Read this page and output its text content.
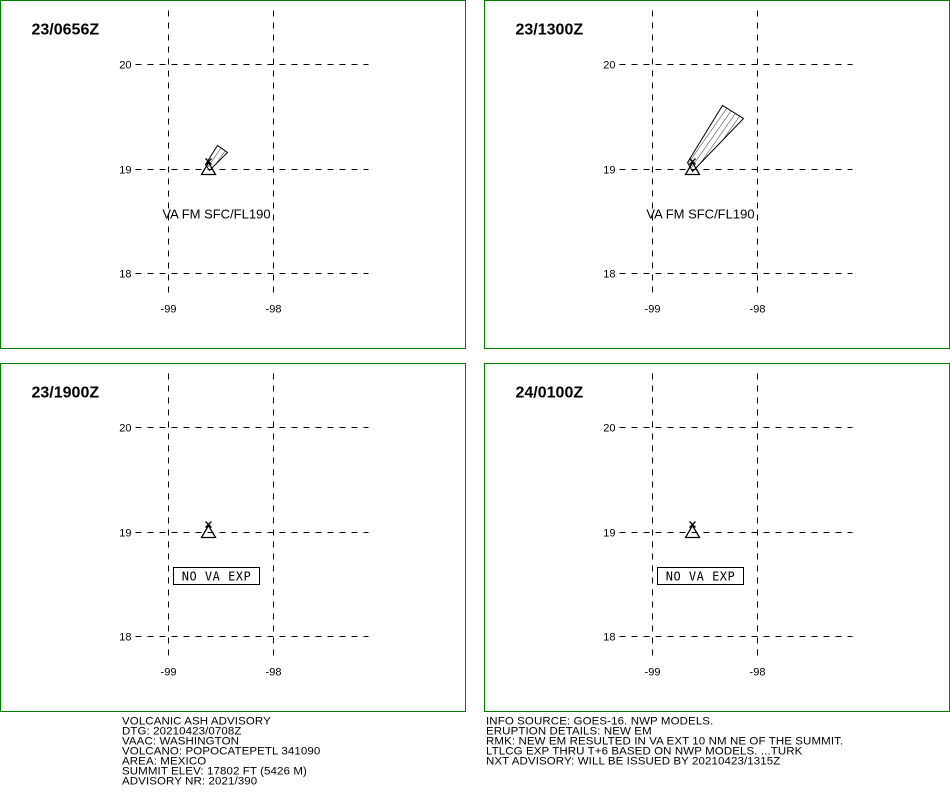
20
19
18
-99	-98
23/0656Z
VA FM SFC/FL190
20
19
18
-99	-98
23/1300Z
VA FM SFC/FL190
20
19
18
-99	-98
23/1900Z
NO VA EXP
20
19
18
-99	-98
24/0100Z
NO VA EXP
VOLCANIC ASH ADVISORY
DTG: 20210423/0708Z
VAAC: WASHINGTON
VOLCANO: POPOCATEPETL 341090
AREA: MEXICO
SUMMIT ELEV: 17802 FT (5426 M)
ADVISORY NR: 2021/390
INFO SOURCE: GOES-16. NWP MODELS.
ERUPTION DETAILS: NEW EM
RMK: NEW EM RESULTED IN VA EXT 10 NM NE OF THE SUMMIT.
LTLCG EXP THRU T+6 BASED ON NWP MODELS. ...TURK
NXT ADVISORY: WILL BE ISSUED BY 20210423/1315Z
